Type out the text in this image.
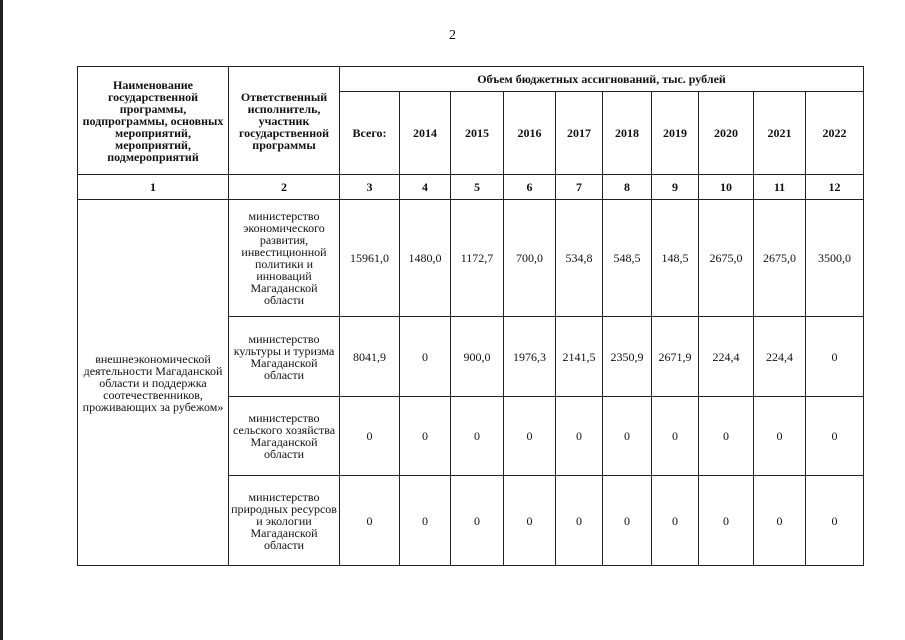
2
Наименование государственной программы, подпрограммы, основных мероприятий, мероприятий, подмероприятий	Ответственный исполнитель, участник государственной программы	Объем бюджетных ассигнований, тыс. рублей									
		Всего:	2014	2015	2016	2017	2018	2019	2020	2021	2022
1	2	3	4	5	6	7	8	9	10	11	12
внешнеэкономической деятельности Магаданской области и поддержка соотечественников, проживающих за рубежом»	министерство экономического развития, инвестиционной политики и инноваций Магаданской области	15961,0	1480,0	1172,7	700,0	534,8	548,5	148,5	2675,0	2675,0	3500,0
	министерство культуры и туризма Магаданской области	8041,9	0	900,0	1976,3	2141,5	2350,9	2671,9	224,4	224,4	0
	министерство сельского хозяйства Магаданской области	0	0	0	0	0	0	0	0	0	0
	министерство природных ресурсов и экологии Магаданской области	0	0	0	0	0	0	0	0	0	0
